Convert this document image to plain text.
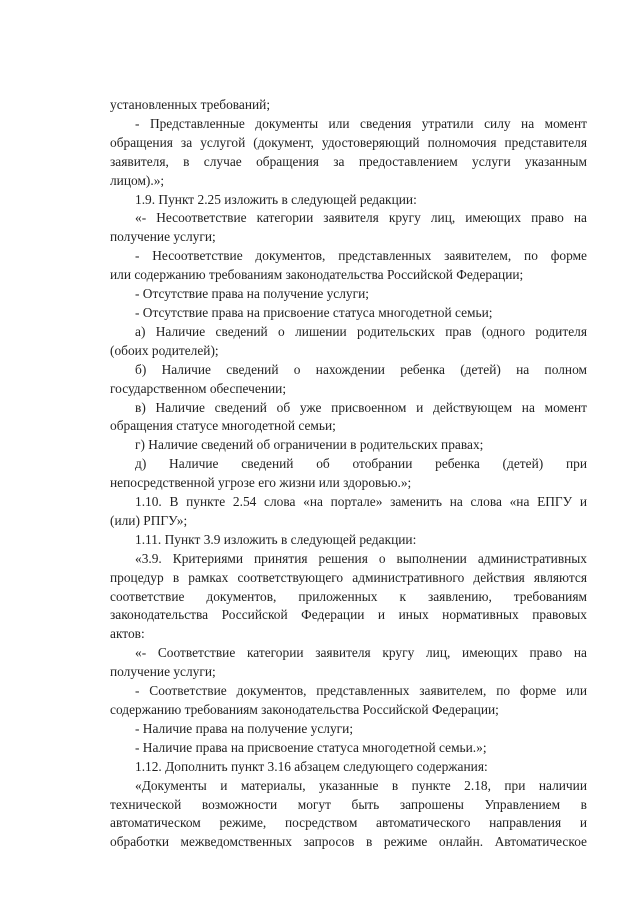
установленных требований;
- Представленные документы или сведения утратили силу на момент
обращения за услугой (документ, удостоверяющий полномочия представителя
заявителя, в случае обращения за предоставлением услуги указанным
лицом).»;
1.9. Пункт 2.25 изложить в следующей редакции:
«- Несоответствие категории заявителя кругу лиц, имеющих право на
получение услуги;
- Несоответствие документов, представленных заявителем, по форме
или содержанию требованиям законодательства Российской Федерации;
- Отсутствие права на получение услуги;
- Отсутствие права на присвоение статуса многодетной семьи;
а) Наличие сведений о лишении родительских прав (одного родителя
(обоих родителей);
б) Наличие сведений о нахождении ребенка (детей) на полном
государственном обеспечении;
в) Наличие сведений об уже присвоенном и действующем на момент
обращения статусе многодетной семьи;
г) Наличие сведений об ограничении в родительских правах;
д) Наличие сведений об отобрании ребенка (детей) при
непосредственной угрозе его жизни или здоровью.»;
1.10. В пункте 2.54 слова «на портале» заменить на слова «на ЕПГУ и
(или) РПГУ»;
1.11. Пункт 3.9 изложить в следующей редакции:
«3.9. Критериями принятия решения о выполнении административных
процедур в рамках соответствующего административного действия являются
соответствие документов, приложенных к заявлению, требованиям
законодательства Российской Федерации и иных нормативных правовых
актов:
«- Соответствие категории заявителя кругу лиц, имеющих право на
получение услуги;
- Соответствие документов, представленных заявителем, по форме или
содержанию требованиям законодательства Российской Федерации;
- Наличие права на получение услуги;
- Наличие права на присвоение статуса многодетной семьи.»;
1.12. Дополнить пункт 3.16 абзацем следующего содержания:
«Документы и материалы, указанные в пункте 2.18, при наличии
технической возможности могут быть запрошены Управлением в
автоматическом режиме, посредством автоматического направления и
обработки межведомственных запросов в режиме онлайн. Автоматическое
